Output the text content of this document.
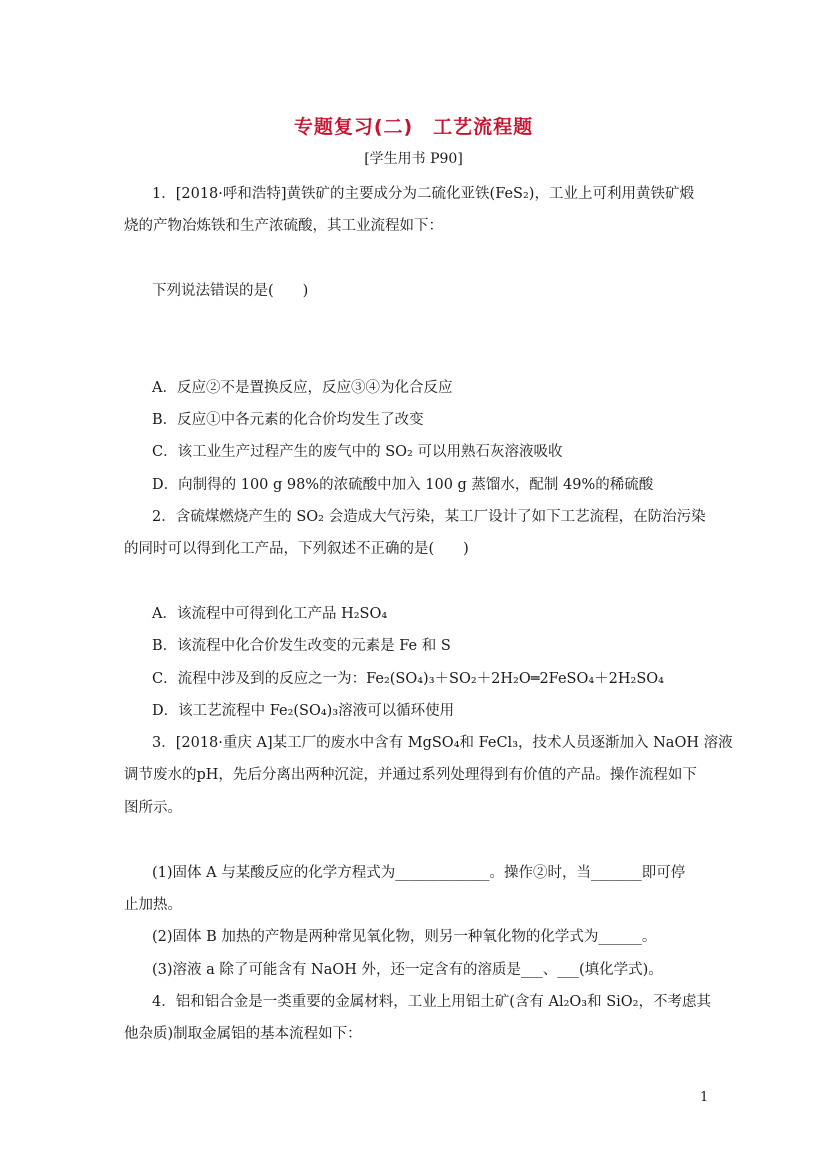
专题复习(二)　工艺流程题
[学生用书 P90]
1．[2018·呼和浩特]黄铁矿的主要成分为二硫化亚铁(FeS₂)，工业上可利用黄铁矿煅
烧的产物冶炼铁和生产浓硫酸，其工业流程如下：
下列说法错误的是(　　)
A．反应②不是置换反应，反应③④为化合反应
B．反应①中各元素的化合价均发生了改变
C．该工业生产过程产生的废气中的 SO₂ 可以用熟石灰溶液吸收
D．向制得的 100 g 98%的浓硫酸中加入 100 g 蒸馏水，配制 49%的稀硫酸
2．含硫煤燃烧产生的 SO₂ 会造成大气污染，某工厂设计了如下工艺流程，在防治污染
的同时可以得到化工产品，下列叙述不正确的是(　　)
A．该流程中可得到化工产品 H₂SO₄
B．该流程中化合价发生改变的元素是 Fe 和 S
C．流程中涉及到的反应之一为：Fe₂(SO₄)₃＋SO₂＋2H₂O═2FeSO₄＋2H₂SO₄
D．该工艺流程中 Fe₂(SO₄)₃溶液可以循环使用
3．[2018·重庆 A]某工厂的废水中含有 MgSO₄和 FeCl₃，技术人员逐渐加入 NaOH 溶液
调节废水的pH，先后分离出两种沉淀，并通过系列处理得到有价值的产品。操作流程如下
图所示。
(1)固体 A 与某酸反应的化学方程式为_____________。操作②时，当_______即可停
止加热。
(2)固体 B 加热的产物是两种常见氧化物，则另一种氧化物的化学式为______。
(3)溶液 a 除了可能含有 NaOH 外，还一定含有的溶质是___、___(填化学式)。
4．铝和铝合金是一类重要的金属材料，工业上用铝土矿(含有 Al₂O₃和 SiO₂，不考虑其
他杂质)制取金属铝的基本流程如下：
1
